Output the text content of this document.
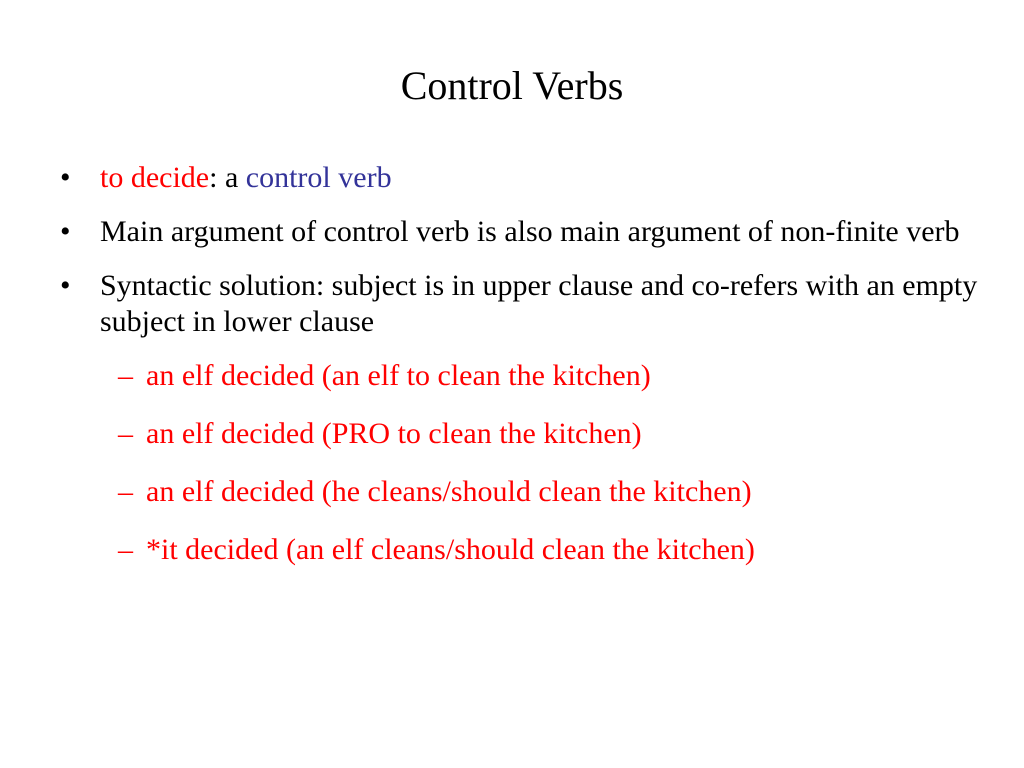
Control Verbs
• to decide: a control verb
• Main argument of control verb is also main argument of non-finite verb
• Syntactic solution: subject is in upper clause and co-refers with an empty subject in lower clause
– an elf decided (an elf to clean the kitchen)
– an elf decided (PRO to clean the kitchen)
– an elf decided (he cleans/should clean the kitchen)
– *it decided (an elf cleans/should clean the kitchen)
